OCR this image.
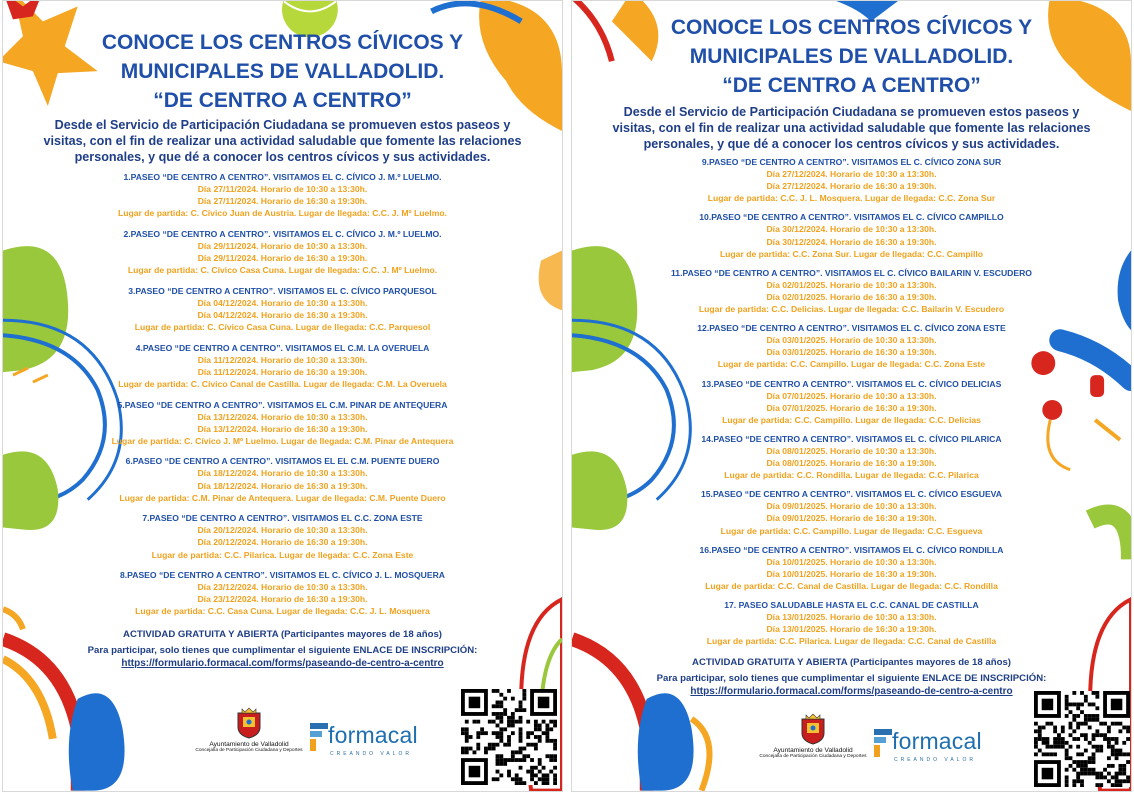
CONOCE LOS CENTROS CÍVICOS Y
MUNICIPALES DE VALLADOLID.
“DE CENTRO A CENTRO”
Desde el Servicio de Participación Ciudadana se promueven estos paseos y
visitas, con el fin de realizar una actividad saludable que fomente las relaciones
personales, y que dé a conocer los centros cívicos y sus actividades.
1.PASEO “DE CENTRO A CENTRO”. VISITAMOS EL C. CÍVICO J. M.º LUELMO.
Día 27/11/2024. Horario de 10:30 a 13:30h.
Día 27/11/2024. Horario de 16:30 a 19:30h.
Lugar de partida: C. Cívico Juan de Austria. Lugar de llegada: C.C. J. Mº Luelmo.
2.PASEO “DE CENTRO A CENTRO”. VISITAMOS EL C. CÍVICO J. M.º LUELMO.
Día 29/11/2024. Horario de 10:30 a 13:30h.
Día 29/11/2024. Horario de 16:30 a 19:30h.
Lugar de partida: C. Cívico Casa Cuna. Lugar de llegada: C.C. J. Mº Luelmo.
3.PASEO “DE CENTRO A CENTRO”. VISITAMOS EL C. CÍVICO PARQUESOL
Día 04/12/2024. Horario de 10:30 a 13:30h.
Día 04/12/2024. Horario de 16:30 a 19:30h.
Lugar de partida: C. Cívico Casa Cuna. Lugar de llegada: C.C. Parquesol
4.PASEO “DE CENTRO A CENTRO”. VISITAMOS EL C.M. LA OVERUELA
Día 11/12/2024. Horario de 10:30 a 13:30h.
Día 11/12/2024. Horario de 16:30 a 19:30h.
Lugar de partida: C. Cívico Canal de Castilla. Lugar de llegada: C.M. La Overuela
5.PASEO “DE CENTRO A CENTRO”. VISITAMOS EL C.M. PINAR DE ANTEQUERA
Día 13/12/2024. Horario de 10:30 a 13:30h.
Día 13/12/2024. Horario de 16:30 a 19:30h.
Lugar de partida: C. Cívico J. Mº Luelmo. Lugar de llegada: C.M. Pinar de Antequera
6.PASEO “DE CENTRO A CENTRO”. VISITAMOS EL EL C.M. PUENTE DUERO
Día 18/12/2024. Horario de 10:30 a 13:30h.
Día 18/12/2024. Horario de 16:30 a 19:30h.
Lugar de partida: C.M. Pinar de Antequera. Lugar de llegada: C.M. Puente Duero
7.PASEO “DE CENTRO A CENTRO”. VISITAMOS EL C.C. ZONA ESTE
Día 20/12/2024. Horario de 10:30 a 13:30h.
Día 20/12/2024. Horario de 16:30 a 19:30h.
Lugar de partida: C.C. Pilarica. Lugar de llegada: C.C. Zona Este
8.PASEO “DE CENTRO A CENTRO”. VISITAMOS EL C. CÍVICO J. L. MOSQUERA
Día 23/12/2024. Horario de 10:30 a 13:30h.
Día 23/12/2024. Horario de 16:30 a 19:30h.
Lugar de partida: C.C. Casa Cuna. Lugar de llegada: C.C. J. L. Mosquera
ACTIVIDAD GRATUITA Y ABIERTA (Participantes mayores de 18 años)
Para participar, solo tienes que cumplimentar el siguiente ENLACE DE INSCRIPCIÓN:
https://formulario.formacal.com/forms/paseando-de-centro-a-centro
Ayuntamiento de Valladolid
Concejalía de Participación Ciudadana y Deportes
formacal
CREANDO VALOR
CONOCE LOS CENTROS CÍVICOS Y
MUNICIPALES DE VALLADOLID.
“DE CENTRO A CENTRO”
Desde el Servicio de Participación Ciudadana se promueven estos paseos y
visitas, con el fin de realizar una actividad saludable que fomente las relaciones
personales, y que dé a conocer los centros cívicos y sus actividades.
9.PASEO “DE CENTRO A CENTRO”. VISITAMOS EL C. CÍVICO ZONA SUR
Día 27/12/2024. Horario de 10:30 a 13:30h.
Día 27/12/2024. Horario de 16:30 a 19:30h.
Lugar de partida: C.C. J. L. Mosquera. Lugar de llegada: C.C. Zona Sur
10.PASEO “DE CENTRO A CENTRO”. VISITAMOS EL C. CÍVICO CAMPILLO
Día 30/12/2024. Horario de 10:30 a 13:30h.
Día 30/12/2024. Horario de 16:30 a 19:30h.
Lugar de partida: C.C. Zona Sur. Lugar de llegada: C.C. Campillo
11.PASEO “DE CENTRO A CENTRO”. VISITAMOS EL C. CÍVICO BAILARIN V. ESCUDERO
Día 02/01/2025. Horario de 10:30 a 13:30h.
Día 02/01/2025. Horario de 16:30 a 19:30h.
Lugar de partida: C.C. Delicias. Lugar de llegada: C.C. Bailarin V. Escudero
12.PASEO “DE CENTRO A CENTRO”. VISITAMOS EL C. CÍVICO ZONA ESTE
Día 03/01/2025. Horario de 10:30 a 13:30h.
Día 03/01/2025. Horario de 16:30 a 19:30h.
Lugar de partida: C.C. Campillo. Lugar de llegada: C.C. Zona Este
13.PASEO “DE CENTRO A CENTRO”. VISITAMOS EL C. CÍVICO DELICIAS
Día 07/01/2025. Horario de 10:30 a 13:30h.
Día 07/01/2025. Horario de 16:30 a 19:30h.
Lugar de partida: C.C. Campillo. Lugar de llegada: C.C. Delicias
14.PASEO “DE CENTRO A CENTRO”. VISITAMOS EL C. CÍVICO PILARICA
Día 08/01/2025. Horario de 10:30 a 13:30h.
Día 08/01/2025. Horario de 16:30 a 19:30h.
Lugar de partida: C.C. Rondilla. Lugar de llegada: C.C. Pilarica
15.PASEO “DE CENTRO A CENTRO”. VISITAMOS EL C. CÍVICO ESGUEVA
Día 09/01/2025. Horario de 10:30 a 13:30h.
Día 09/01/2025. Horario de 16:30 a 19:30h.
Lugar de partida: C.C. Campillo. Lugar de llegada: C.C. Esgueva
16.PASEO “DE CENTRO A CENTRO”. VISITAMOS EL C. CÍVICO RONDILLA
Día 10/01/2025. Horario de 10:30 a 13:30h.
Día 10/01/2025. Horario de 16:30 a 19:30h.
Lugar de partida: C.C. Canal de Castilla. Lugar de llegada: C.C. Rondilla
17. PASEO SALUDABLE HASTA EL C.C. CANAL DE CASTILLA
Día 13/01/2025. Horario de 10:30 a 13:30h.
Día 13/01/2025. Horario de 16:30 a 19:30h.
Lugar de partida: C.C. Pilarica. Lugar de llegada: C.C. Canal de Castilla
ACTIVIDAD GRATUITA Y ABIERTA (Participantes mayores de 18 años)
Para participar, solo tienes que cumplimentar el siguiente ENLACE DE INSCRIPCIÓN:
https://formulario.formacal.com/forms/paseando-de-centro-a-centro
Ayuntamiento de Valladolid
Concejalía de Participación Ciudadana y Deportes
formacal
CREANDO VALOR
